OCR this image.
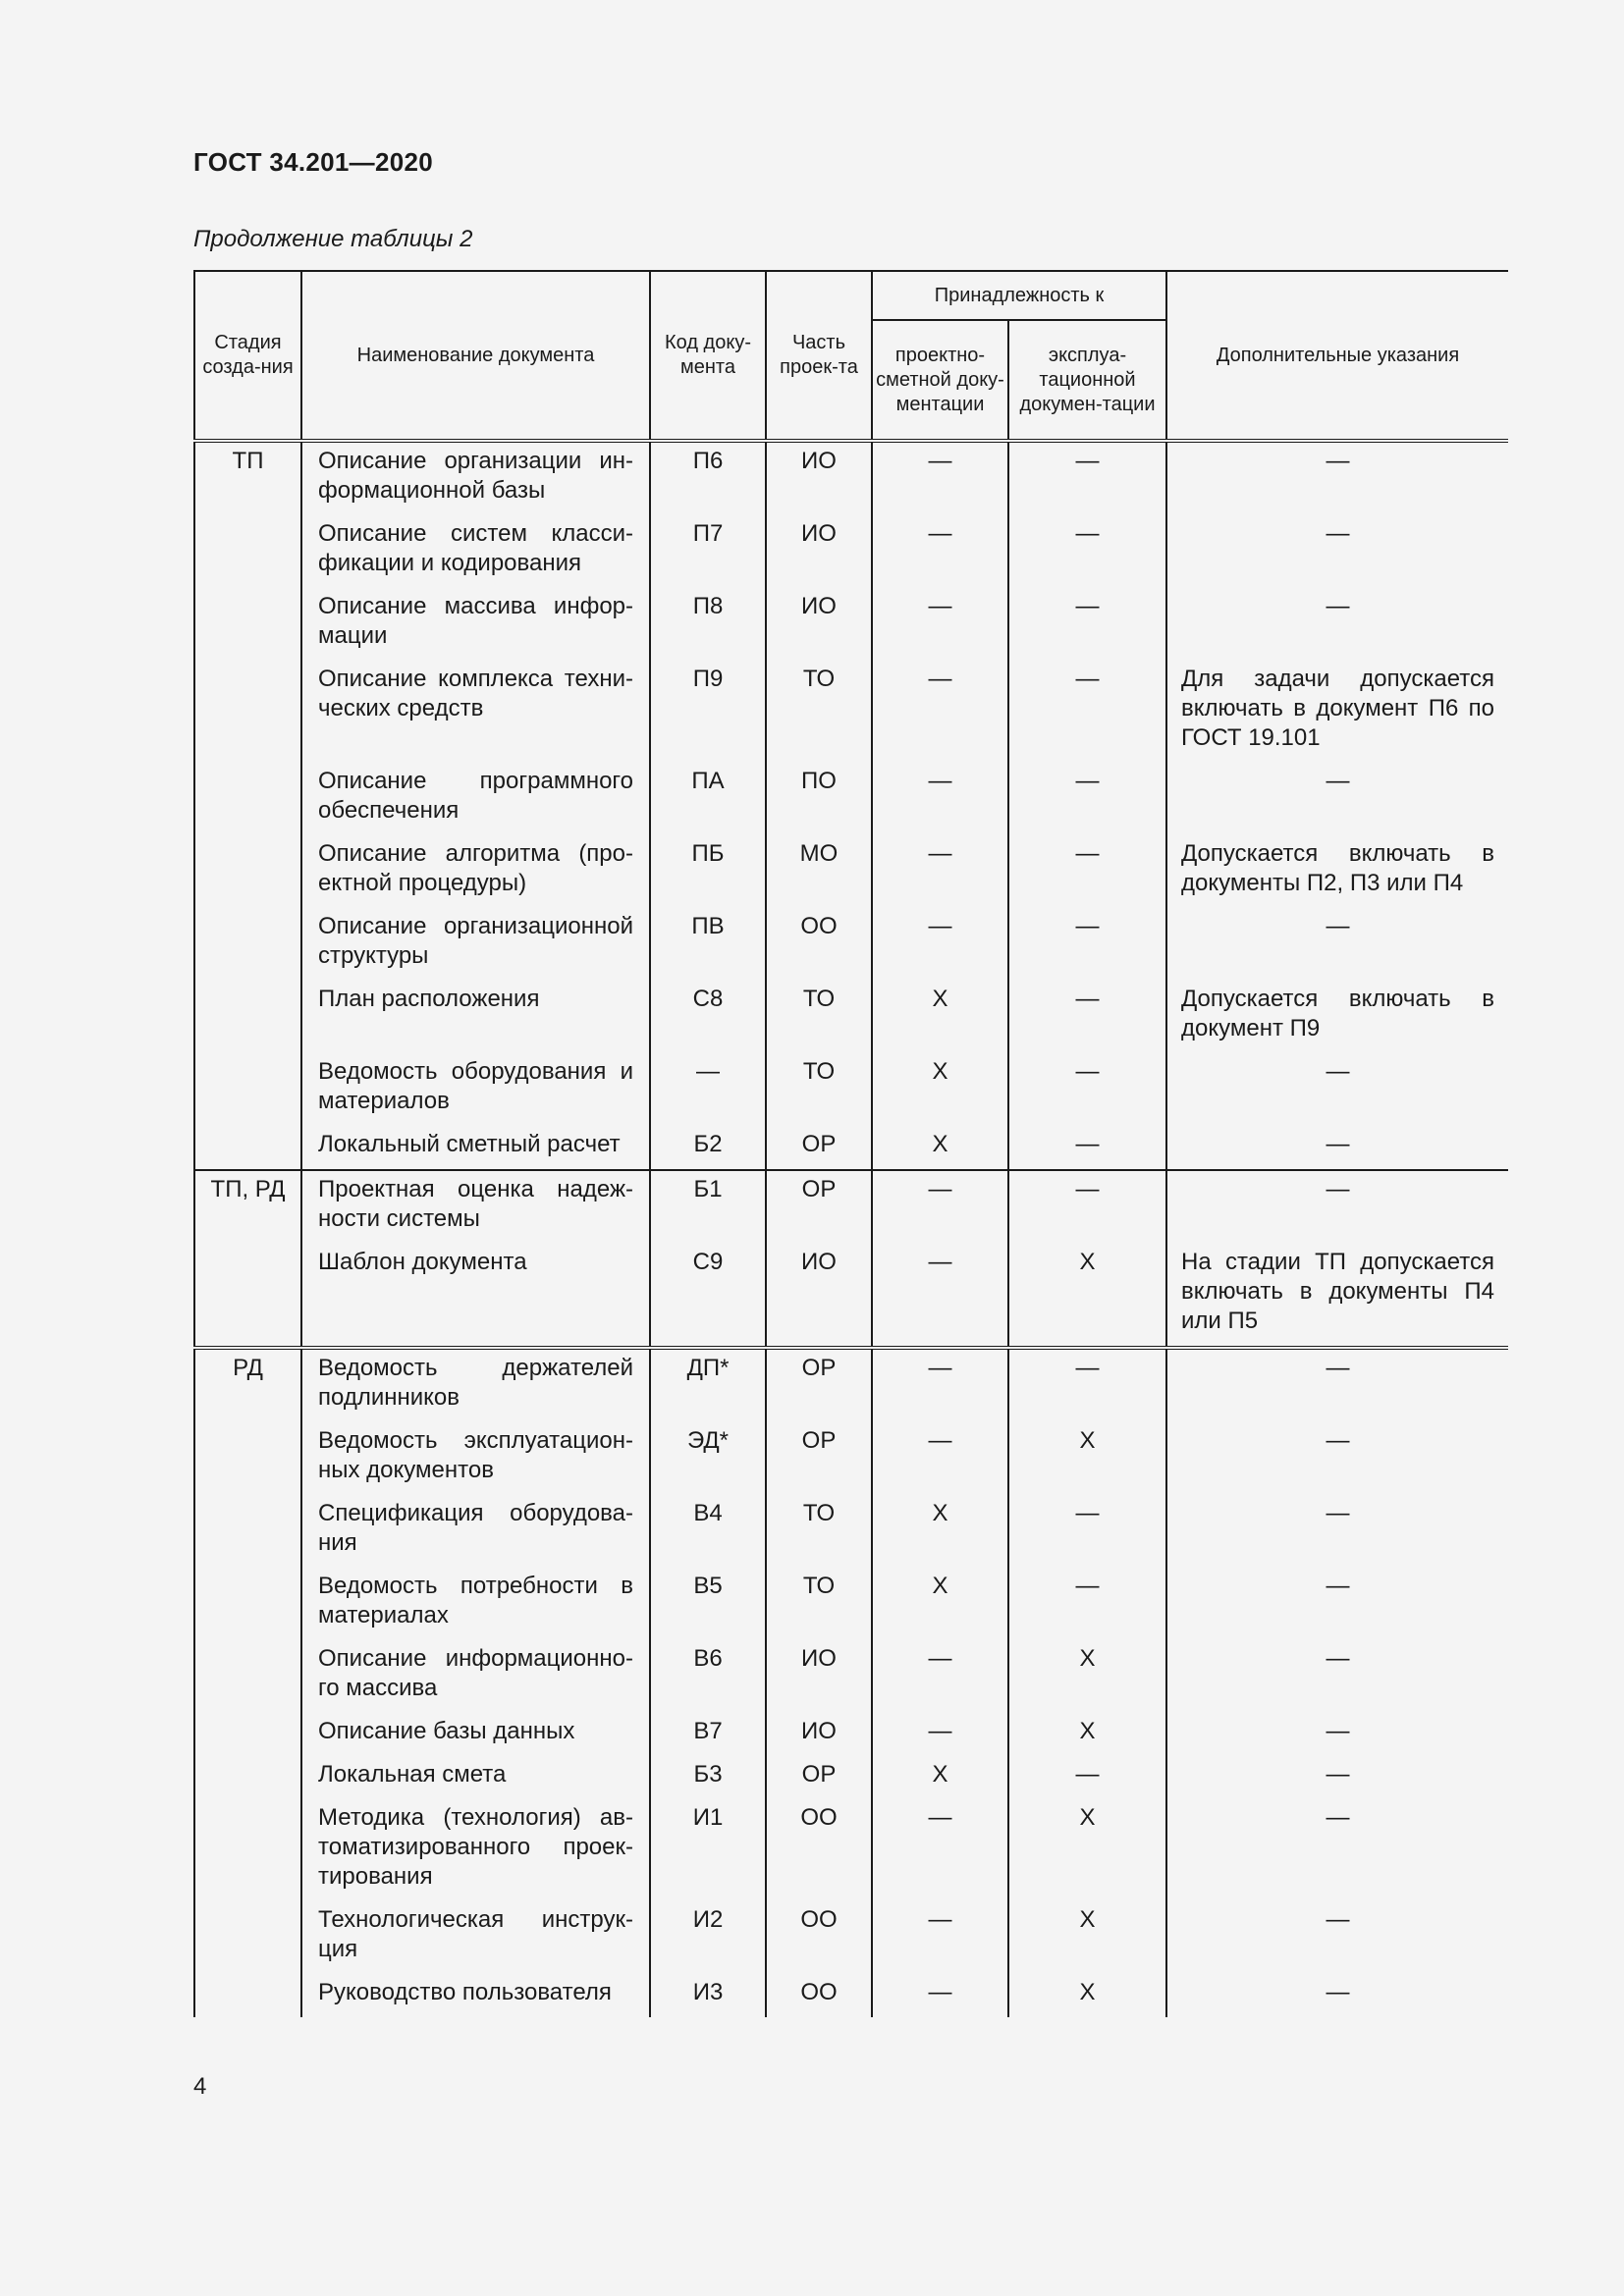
ГОСТ 34.201—2020
Продолжение таблицы 2
Стадия созда-ния	Наименование документа	Код доку-мента	Часть проек-та	Принадлежность к		Дополнительные указания
				проектно-сметной доку-ментации	эксплуа-тационной докумен-тации	
ТП	Описание организации ин-формационной базы	П6	ИО	—	—	—
	Описание систем класси-фикации и кодирования	П7	ИО	—	—	—
	Описание массива инфор-мации	П8	ИО	—	—	—
	Описание комплекса техни-ческих средств	П9	ТО	—	—	Для задачи допускается включать в документ П6 по ГОСТ 19.101
	Описание программного обеспечения	ПА	ПО	—	—	—
	Описание алгоритма (про-ектной процедуры)	ПБ	МО	—	—	Допускается включать в документы П2, П3 или П4
	Описание организационной структуры	ПВ	ОО	—	—	—
	План расположения	С8	ТО	Х	—	Допускается включать в документ П9
	Ведомость оборудования и материалов	—	ТО	Х	—	—
	Локальный сметный расчет	Б2	ОР	Х	—	—
ТП, РД	Проектная оценка надеж-ности системы	Б1	ОР	—	—	—
	Шаблон документа	С9	ИО	—	Х	На стадии ТП допускается включать в документы П4 или П5
РД	Ведомость держателей подлинников	ДП*	ОР	—	—	—
	Ведомость эксплуатацион-ных документов	ЭД*	ОР	—	Х	—
	Спецификация оборудова-ния	В4	ТО	Х	—	—
	Ведомость потребности в материалах	В5	ТО	Х	—	—
	Описание информационно-го массива	В6	ИО	—	Х	—
	Описание базы данных	В7	ИО	—	Х	—
	Локальная смета	Б3	ОР	Х	—	—
	Методика (технология) ав-томатизированного проек-тирования	И1	ОО	—	Х	—
	Технологическая инструк-ция	И2	ОО	—	Х	—
	Руководство пользователя	И3	ОО	—	Х	—
4
